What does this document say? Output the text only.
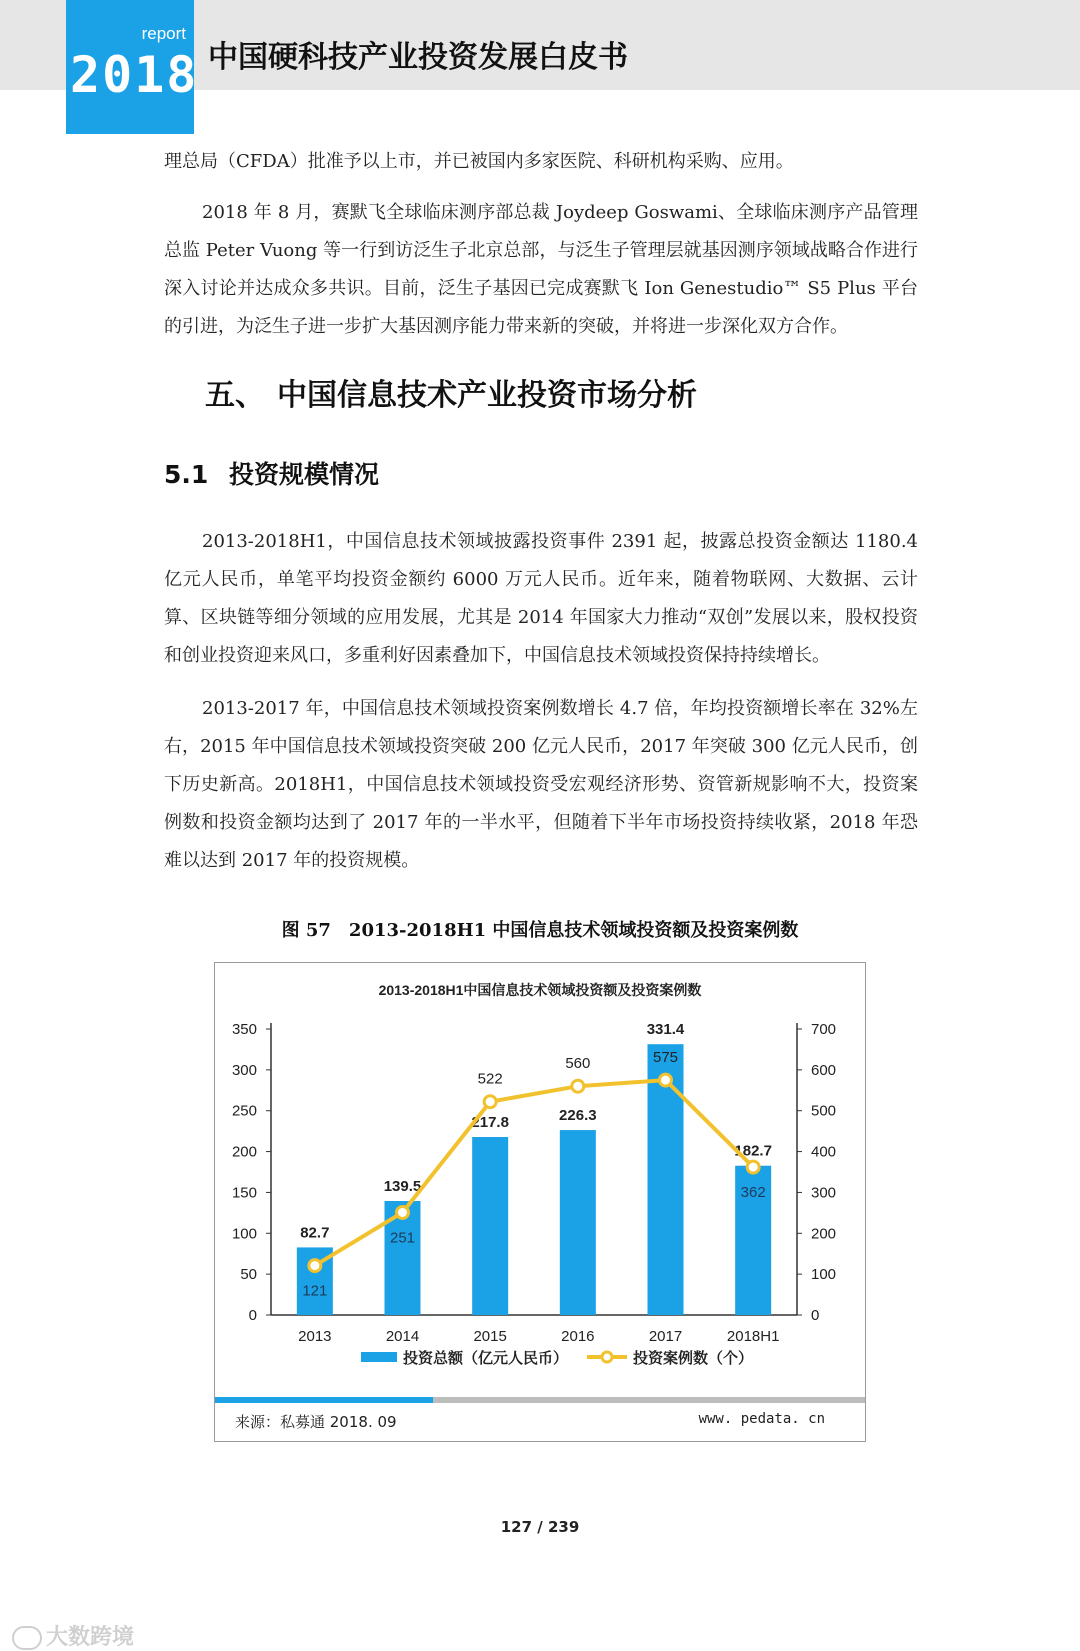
report
2018 中国硬科技产业投资发展白皮书

理总局（CFDA）批准予以上市，并已被国内多家医院、科研机构采购、应用。

2018 年 8 月，赛默飞全球临床测序部总裁 Joydeep Goswami、全球临床测序产品管理总监 Peter Vuong 等一行到访泛生子北京总部，与泛生子管理层就基因测序领域战略合作进行深入讨论并达成众多共识。目前，泛生子基因已完成赛默飞 Ion Genestudio™ S5 Plus 平台的引进，为泛生子进一步扩大基因测序能力带来新的突破，并将进一步深化双方合作。

五、 中国信息技术产业投资市场分析
5.1 投资规模情况

2013-2018H1，中国信息技术领域披露投资事件 2391 起，披露总投资金额达 1180.4 亿元人民币，单笔平均投资金额约 6000 万元人民币。近年来，随着物联网、大数据、云计算、区块链等细分领域的应用发展，尤其是 2014 年国家大力推动“双创”发展以来，股权投资和创业投资迎来风口，多重利好因素叠加下，中国信息技术领域投资保持持续增长。

2013-2017 年，中国信息技术领域投资案例数增长 4.7 倍，年均投资额增长率在 32%左右，2015 年中国信息技术领域投资突破 200 亿元人民币，2017 年突破 300 亿元人民币，创下历史新高。2018H1，中国信息技术领域投资受宏观经济形势、资管新规影响不大，投资案例数和投资金额均达到了 2017 年的一半水平，但随着下半年市场投资持续收紧，2018 年恐难以达到 2017 年的投资规模。

图 57　2013-2018H1 中国信息技术领域投资额及投资案例数
2013-2018H1中国信息技术领域投资额及投资案例数
0
50
100
150
200
250
300
350
0
100
200
300
400
500
600
700
2013	2014	2015	2016	2017	2018H1
82.7
139.5
217.8	226.3
331.4
182.7
121
251
522
560	575
362
投资总额（亿元人民币）	投资案例数（个）
来源：私募通 2018. 09	www. pedata. cn
127 / 239
大数跨境
